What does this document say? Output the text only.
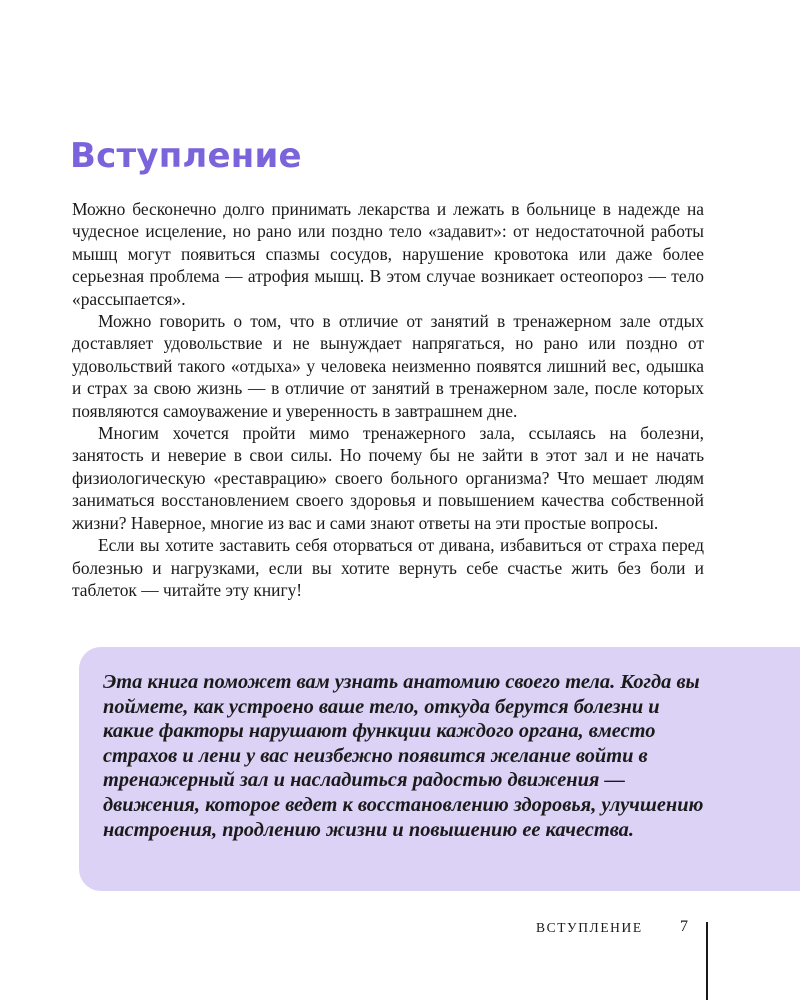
Вступление

Можно бесконечно долго принимать лекарства и лежать в больнице в надежде на чудесное исцеление, но рано или поздно тело «задавит»: от недостаточной работы мышц могут появиться спазмы сосудов, нарушение кровотока или даже более серьезная проблема — атрофия мышц. В этом случае возникает остеопороз — тело «рассыпается».

Можно говорить о том, что в отличие от занятий в тренажерном зале отдых доставляет удовольствие и не вынуждает напрягаться, но рано или поздно от удовольствий такого «отдыха» у человека неизменно появятся лишний вес, одышка и страх за свою жизнь — в отличие от занятий в тренажерном зале, после которых появляются самоуважение и уверенность в завтрашнем дне.

Многим хочется пройти мимо тренажерного зала, ссылаясь на болезни, занятость и неверие в свои силы. Но почему бы не зайти в этот зал и не начать физиологическую «реставрацию» своего больного организма? Что мешает людям заниматься восстановлением своего здоровья и повышением качества собственной жизни? Наверное, многие из вас и сами знают ответы на эти простые вопросы.

Если вы хотите заставить себя оторваться от дивана, избавиться от страха перед болезнью и нагрузками, если вы хотите вернуть себе счастье жить без боли и таблеток — читайте эту книгу!

Эта книга поможет вам узнать анатомию своего тела. Когда вы поймете, как устроено ваше тело, откуда берутся болезни и какие факторы нарушают функции каждого органа, вместо страхов и лени у вас неизбежно появится желание войти в тренажерный зал и насладиться радостью движения — движения, которое ведет к восстановлению здоровья, улучшению настроения, продлению жизни и повышению ее качества.

ВСТУПЛЕНИЕ 7
